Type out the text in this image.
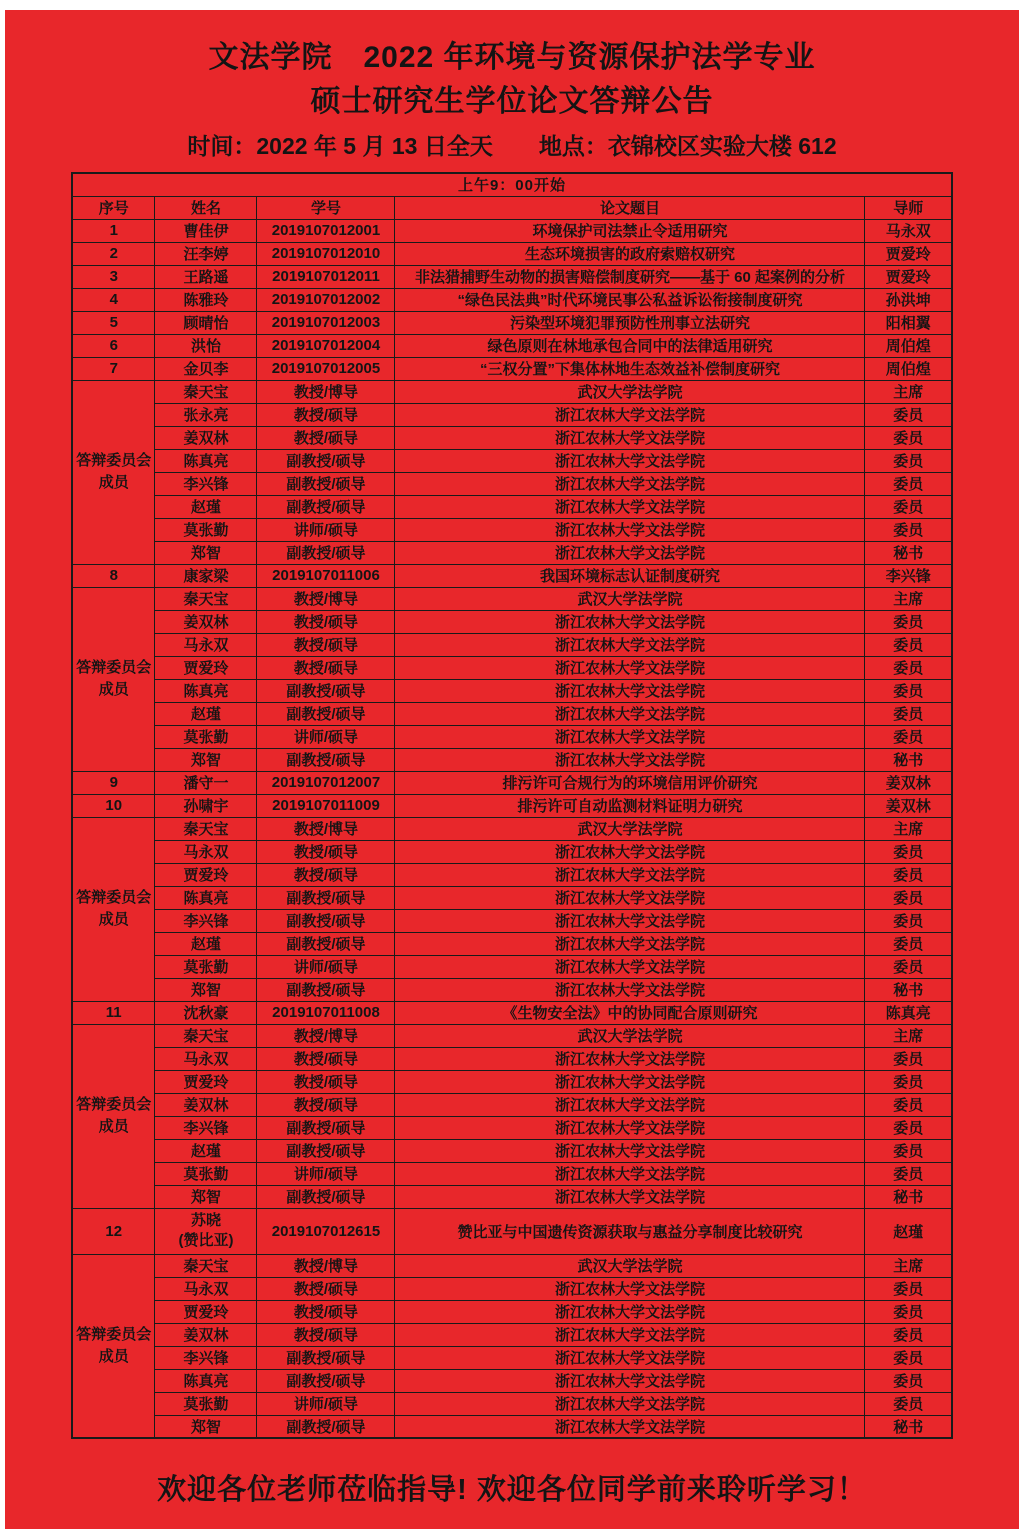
文法学院　2022 年环境与资源保护法学专业
硕士研究生学位论文答辩公告
时间：2022 年 5 月 13 日全天　　地点：衣锦校区实验大楼 612
上午9：00开始				
序号	姓名	学号	论文题目	导师
1	曹佳伊	2019107012001	环境保护司法禁止令适用研究	马永双
2	汪李婷	2019107012010	生态环境损害的政府索赔权研究	贾爱玲
3	王路遥	2019107012011	非法猎捕野生动物的损害赔偿制度研究——基于 60 起案例的分析	贾爱玲
4	陈雅玲	2019107012002	“绿色民法典”时代环境民事公私益诉讼衔接制度研究	孙洪坤
5	顾晴怡	2019107012003	污染型环境犯罪预防性刑事立法研究	阳相翼
6	洪怡	2019107012004	绿色原则在林地承包合同中的法律适用研究	周伯煌
7	金贝李	2019107012005	“三权分置”下集体林地生态效益补偿制度研究	周伯煌
答辩委员会
成员	秦天宝	教授/博导	武汉大学法学院	主席
	张永亮	教授/硕导	浙江农林大学文法学院	委员
	姜双林	教授/硕导	浙江农林大学文法学院	委员
	陈真亮	副教授/硕导	浙江农林大学文法学院	委员
	李兴锋	副教授/硕导	浙江农林大学文法学院	委员
	赵瑾	副教授/硕导	浙江农林大学文法学院	委员
	莫张勤	讲师/硕导	浙江农林大学文法学院	委员
	郑智	副教授/硕导	浙江农林大学文法学院	秘书
8	康家梁	2019107011006	我国环境标志认证制度研究	李兴锋
答辩委员会
成员	秦天宝	教授/博导	武汉大学法学院	主席
	姜双林	教授/硕导	浙江农林大学文法学院	委员
	马永双	教授/硕导	浙江农林大学文法学院	委员
	贾爱玲	教授/硕导	浙江农林大学文法学院	委员
	陈真亮	副教授/硕导	浙江农林大学文法学院	委员
	赵瑾	副教授/硕导	浙江农林大学文法学院	委员
	莫张勤	讲师/硕导	浙江农林大学文法学院	委员
	郑智	副教授/硕导	浙江农林大学文法学院	秘书
9	潘守一	2019107012007	排污许可合规行为的环境信用评价研究	姜双林
10	孙啸宇	2019107011009	排污许可自动监测材料证明力研究	姜双林
答辩委员会
成员	秦天宝	教授/博导	武汉大学法学院	主席
	马永双	教授/硕导	浙江农林大学文法学院	委员
	贾爱玲	教授/硕导	浙江农林大学文法学院	委员
	陈真亮	副教授/硕导	浙江农林大学文法学院	委员
	李兴锋	副教授/硕导	浙江农林大学文法学院	委员
	赵瑾	副教授/硕导	浙江农林大学文法学院	委员
	莫张勤	讲师/硕导	浙江农林大学文法学院	委员
	郑智	副教授/硕导	浙江农林大学文法学院	秘书
11	沈秋豪	2019107011008	《生物安全法》中的协同配合原则研究	陈真亮
答辩委员会
成员	秦天宝	教授/博导	武汉大学法学院	主席
	马永双	教授/硕导	浙江农林大学文法学院	委员
	贾爱玲	教授/硕导	浙江农林大学文法学院	委员
	姜双林	教授/硕导	浙江农林大学文法学院	委员
	李兴锋	副教授/硕导	浙江农林大学文法学院	委员
	赵瑾	副教授/硕导	浙江农林大学文法学院	委员
	莫张勤	讲师/硕导	浙江农林大学文法学院	委员
	郑智	副教授/硕导	浙江农林大学文法学院	秘书
12	苏晓
(赞比亚)	2019107012615	赞比亚与中国遗传资源获取与惠益分享制度比较研究	赵瑾
答辩委员会
成员	秦天宝	教授/博导	武汉大学法学院	主席
	马永双	教授/硕导	浙江农林大学文法学院	委员
	贾爱玲	教授/硕导	浙江农林大学文法学院	委员
	姜双林	教授/硕导	浙江农林大学文法学院	委员
	李兴锋	副教授/硕导	浙江农林大学文法学院	委员
	陈真亮	副教授/硕导	浙江农林大学文法学院	委员
	莫张勤	讲师/硕导	浙江农林大学文法学院	委员
	郑智	副教授/硕导	浙江农林大学文法学院	秘书
欢迎各位老师莅临指导! 欢迎各位同学前来聆听学习！
